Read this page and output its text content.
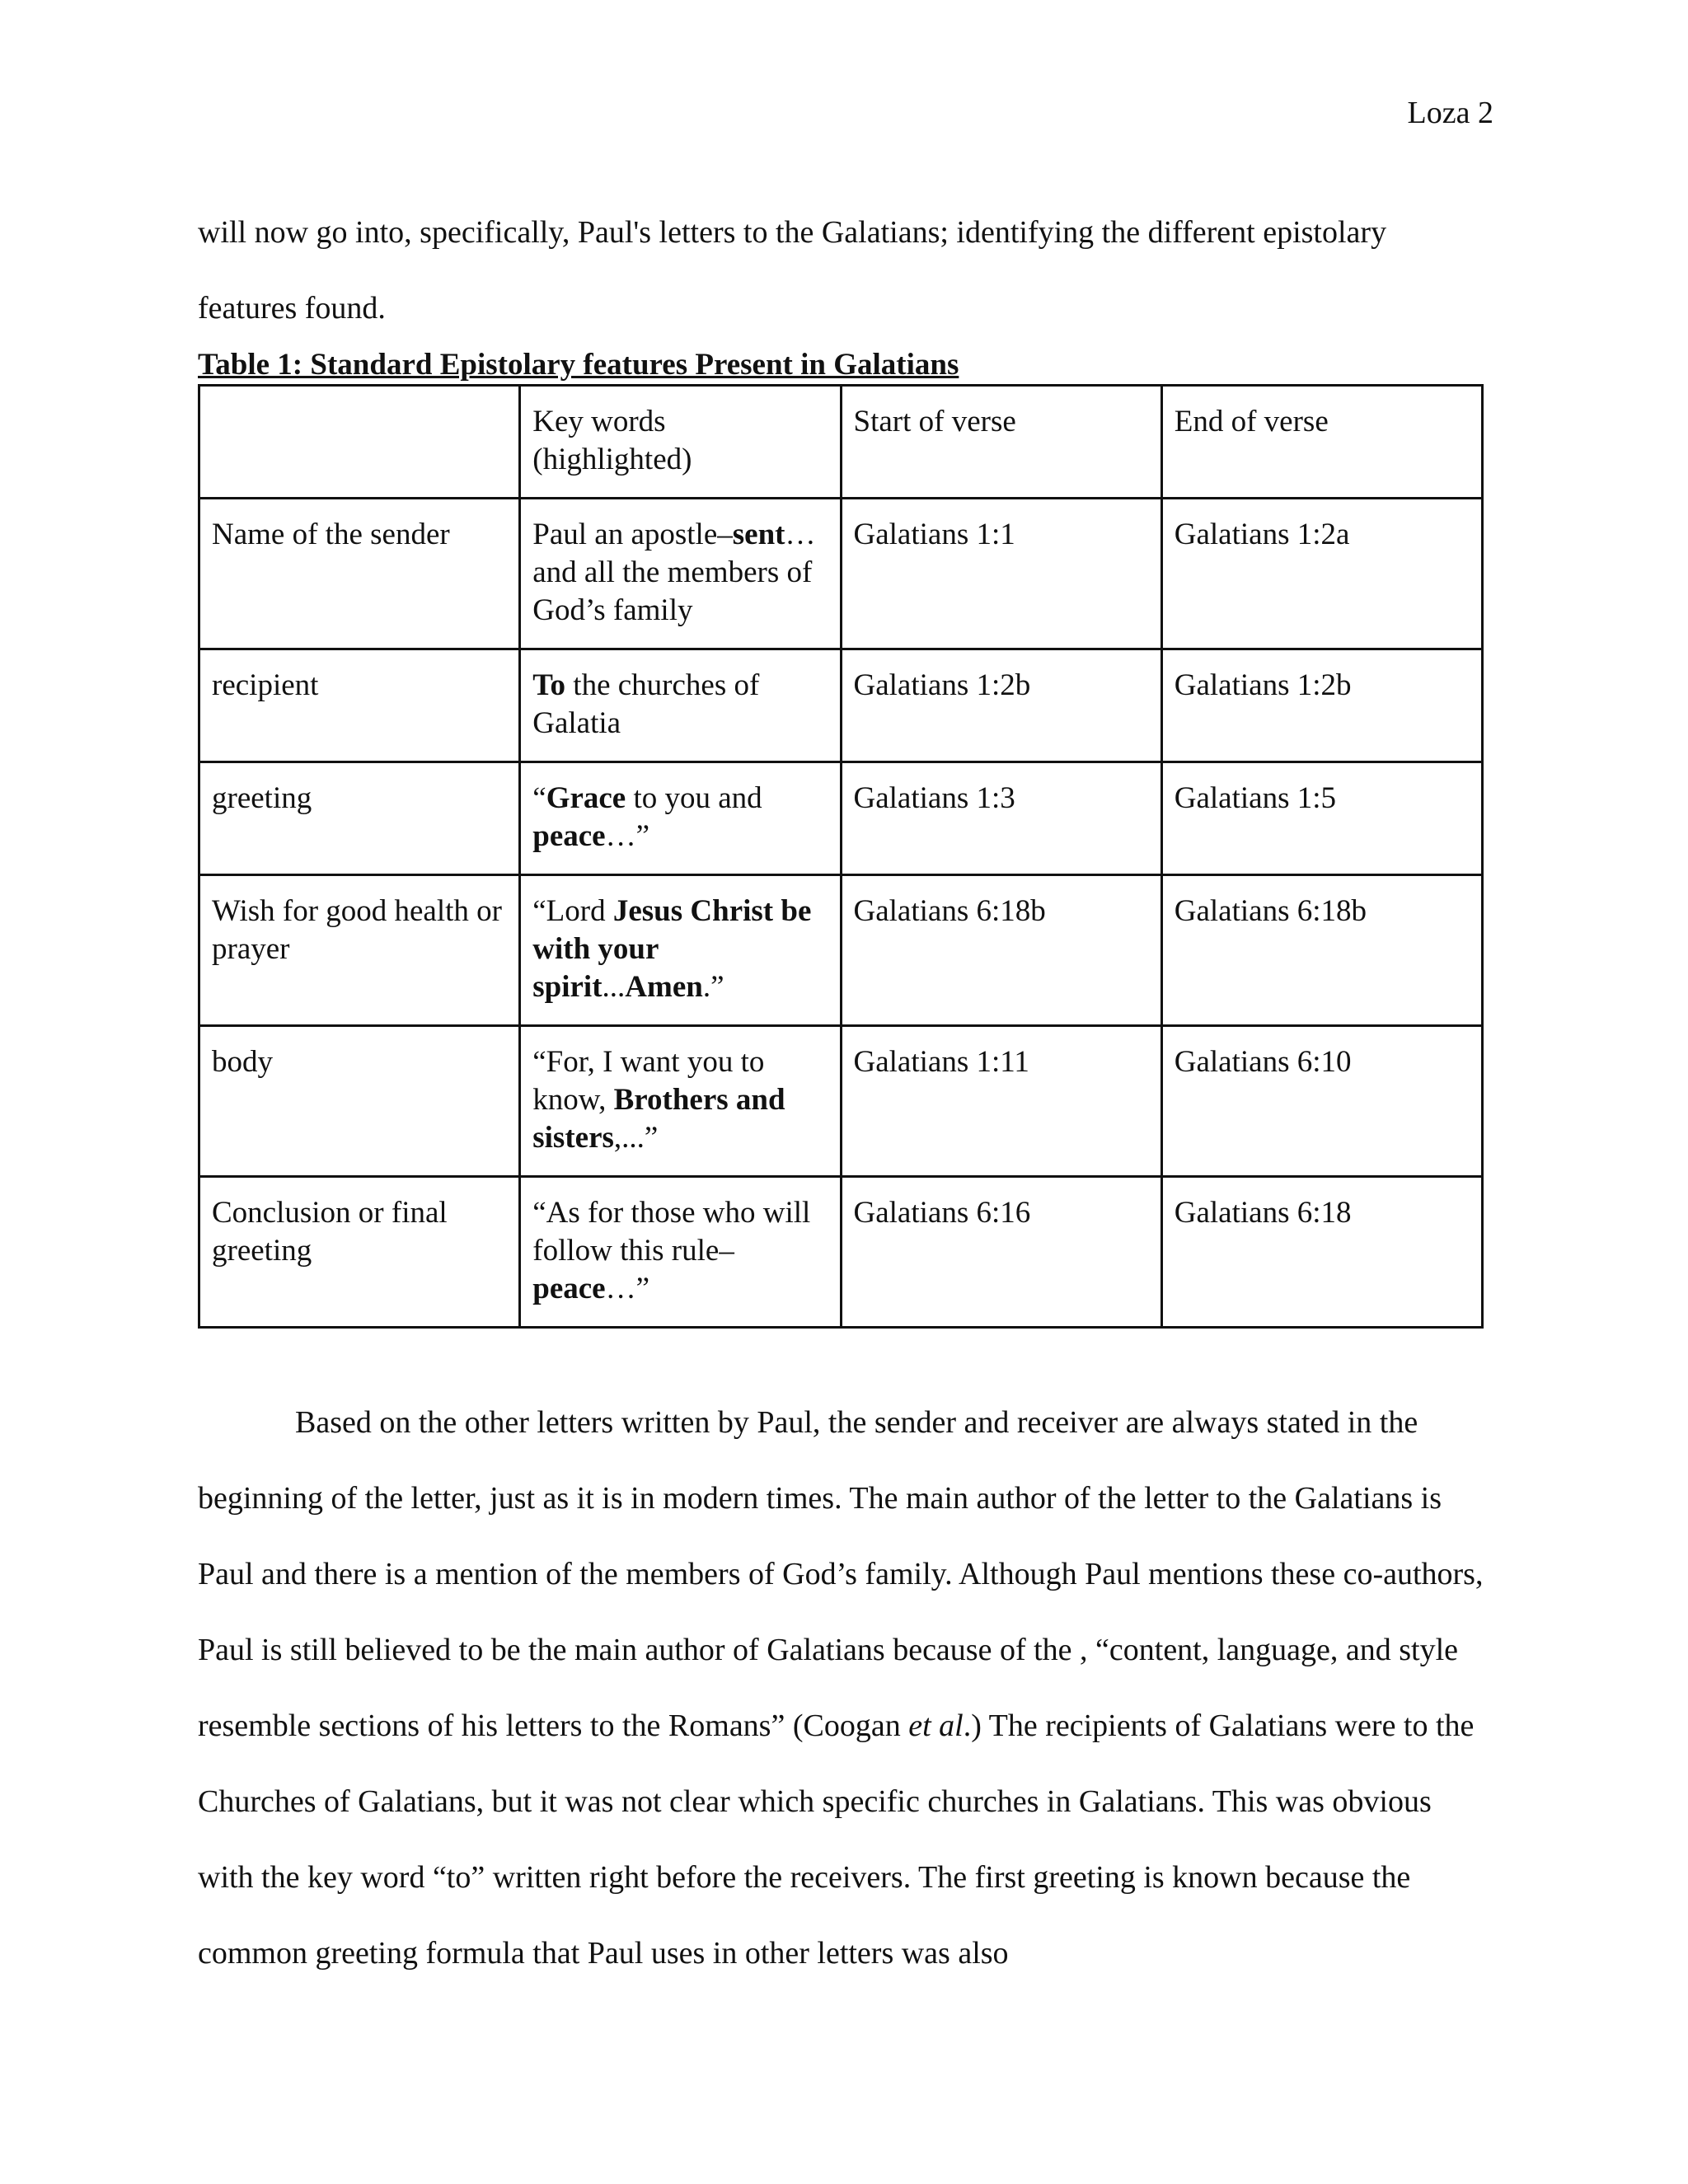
Loza 2

will now go into, specifically, Paul's letters to the Galatians; identifying the different epistolary
features found.

Table 1: Standard Epistolary features Present in Galatians
	Key words (highlighted)	Start of verse	End of verse
Name of the sender	Paul an apostle–sent… and all the members of God’s family	Galatians 1:1	Galatians 1:2a
recipient	To the churches of Galatia	Galatians 1:2b	Galatians 1:2b
greeting	“Grace to you and peace…”	Galatians 1:3	Galatians 1:5
Wish for good health or prayer	“Lord Jesus Christ be with your spirit...Amen.”	Galatians 6:18b	Galatians 6:18b
body	“For, I want you to know, Brothers and sisters,...”	Galatians 1:11	Galatians 6:10
Conclusion or final greeting	“As for those who will follow this rule–peace…”	Galatians 6:16	Galatians 6:18

Based on the other letters written by Paul, the sender and receiver are always stated in the beginning of the letter, just as it is in modern times. The main author of the letter to the Galatians is Paul and there is a mention of the members of God’s family. Although Paul mentions these co-authors, Paul is still believed to be the main author of Galatians because of the , “content, language, and style resemble sections of his letters to the Romans” (Coogan et al.) The recipients of Galatians were to the Churches of Galatians, but it was not clear which specific churches in Galatians. This was obvious with the key word “to” written right before the receivers. The first greeting is known because the common greeting formula that Paul uses in other letters was also
